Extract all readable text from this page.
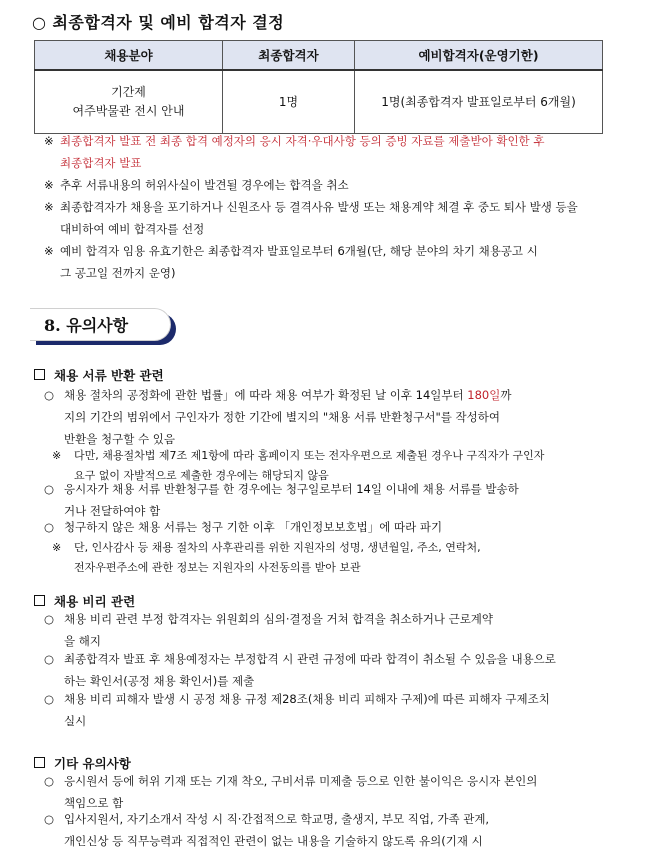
○ 최종합격자 및 예비 합격자 결정
채용분야	최종합격자	예비합격자(운영기한)

기간제
여주박물관 전시 안내	1명	1명(최종합격자 발표일로부터 6개월)
※ 최종합격자 발표 전 최종 합격 예정자의 응시 자격·우대사항 등의 증빙 자료를 제출받아 확인한 후
최종합격자 발표
※ 추후 서류내용의 허위사실이 발견될 경우에는 합격을 취소
※ 최종합격자가 채용을 포기하거나 신원조사 등 결격사유 발생 또는 채용계약 체결 후 중도 퇴사 발생 등을
대비하여 예비 합격자를 선정
※ 예비 합격자 임용 유효기한은 최종합격자 발표일로부터 6개월(단, 해당 분야의 차기 채용공고 시
그 공고일 전까지 운영)
8. 유의사항
채용 서류 반환 관련
○ 채용 절차의 공정화에 관한 법률」에 따라 채용 여부가 확정된 날 이후 14일부터 180일까
지의 기간의 범위에서 구인자가 정한 기간에 별지의 "채용 서류 반환청구서"를 작성하여
반환을 청구할 수 있음
※ 다만, 채용절차법 제7조 제1항에 따라 홈페이지 또는 전자우편으로 제출된 경우나 구직자가 구인자
요구 없이 자발적으로 제출한 경우에는 해당되지 않음
○ 응시자가 채용 서류 반환청구를 한 경우에는 청구일로부터 14일 이내에 채용 서류를 발송하
거나 전달하여야 함
○ 청구하지 않은 채용 서류는 청구 기한 이후 「개인정보보호법」에 따라 파기
※ 단, 인사감사 등 채용 절차의 사후관리를 위한 지원자의 성명, 생년월일, 주소, 연락처,
전자우편주소에 관한 정보는 지원자의 사전동의를 받아 보관
채용 비리 관련
○ 채용 비리 관련 부정 합격자는 위원회의 심의·결정을 거쳐 합격을 취소하거나 근로계약
을 해지
○ 최종합격자 발표 후 채용예정자는 부정합격 시 관련 규정에 따라 합격이 취소될 수 있음을 내용으로
하는 확인서(공정 채용 확인서)를 제출
○ 채용 비리 피해자 발생 시 공정 채용 규정 제28조(채용 비리 피해자 구제)에 따른 피해자 구제조치
실시
기타 유의사항
○ 응시원서 등에 허위 기재 또는 기재 착오, 구비서류 미제출 등으로 인한 불이익은 응시자 본인의
책임으로 함
○ 입사지원서, 자기소개서 작성 시 직·간접적으로 학교명, 출생지, 부모 직업, 가족 관계,
개인신상 등 직무능력과 직접적인 관련이 없는 내용을 기술하지 않도록 유의(기재 시
